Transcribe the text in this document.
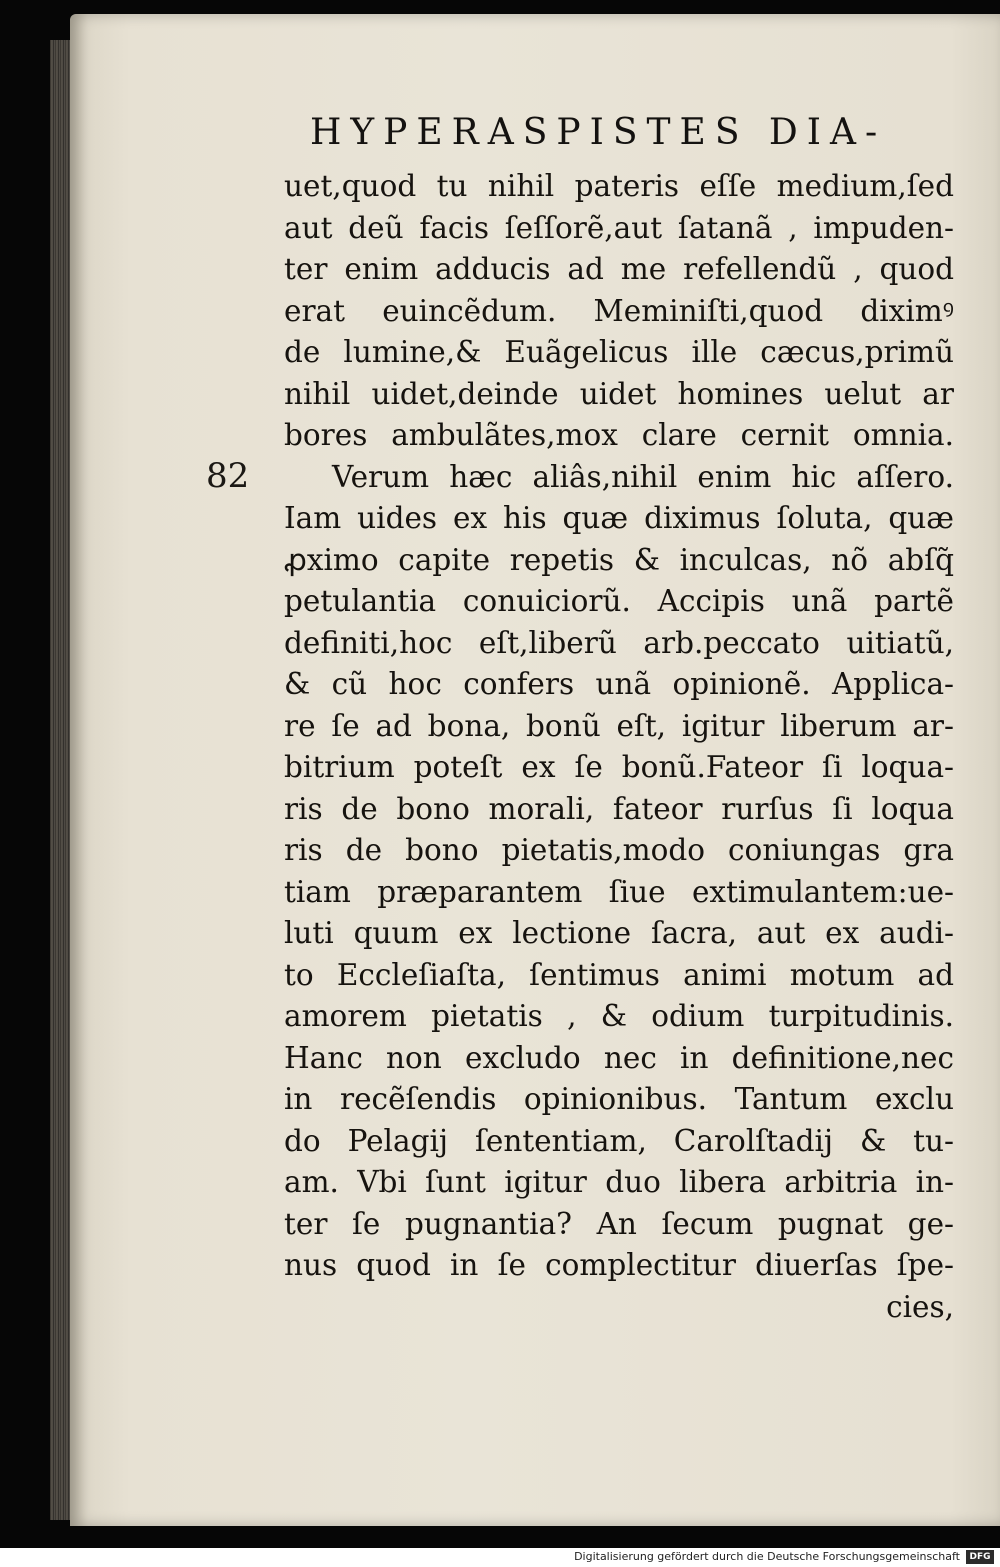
HYPERASPISTES DIA‑
82
uet,quod tu nihil pateris eſſe medium,ſed
aut deũ facis ſeſſorẽ,aut ſatanã , impuden‑
ter enim adducis ad me refellendũ , quod
erat euincẽdum. Meminiſti,quod diximꝰ
de lumine,& Euãgelicus ille cæcus,primũ
nihil uidet,deinde uidet homines uelut ar
bores ambulãtes,mox clare cernit omnia.
Verum hæc aliâs,nihil enim hic aſſero.
Iam uides ex his quæ diximus ſoluta, quæ
ꝓximo capite repetis & inculcas, nõ abſq̃
petulantia conuiciorũ. Accipis unã partẽ
definiti,hoc eſt,liberũ arb.peccato uitiatũ,
& cũ hoc confers unã opinionẽ. Applica‑
re ſe ad bona, bonũ eſt, igitur liberum ar‑
bitrium poteſt ex ſe bonũ.Fateor ſi loqua‑
ris de bono morali, fateor rurſus ſi loqua
ris de bono pietatis,modo coniungas gra
tiam præparantem ſiue extimulantem:ue‑
luti quum ex lectione ſacra, aut ex audi‑
to Eccleſiaſta, ſentimus animi motum ad
amorem pietatis , & odium turpitudinis.
Hanc non excludo nec in definitione,nec
in recẽſendis opinionibus. Tantum exclu
do Pelagij ſententiam, Carolſtadij & tu‑
am. Vbi ſunt igitur duo libera arbitria in‑
ter ſe pugnantia? An ſecum pugnat ge‑
nus quod in ſe complectitur diuerſas ſpe‑
cies,
Digitalisierung gefördert durch die Deutsche Forschungsgemeinschaft	DFG
